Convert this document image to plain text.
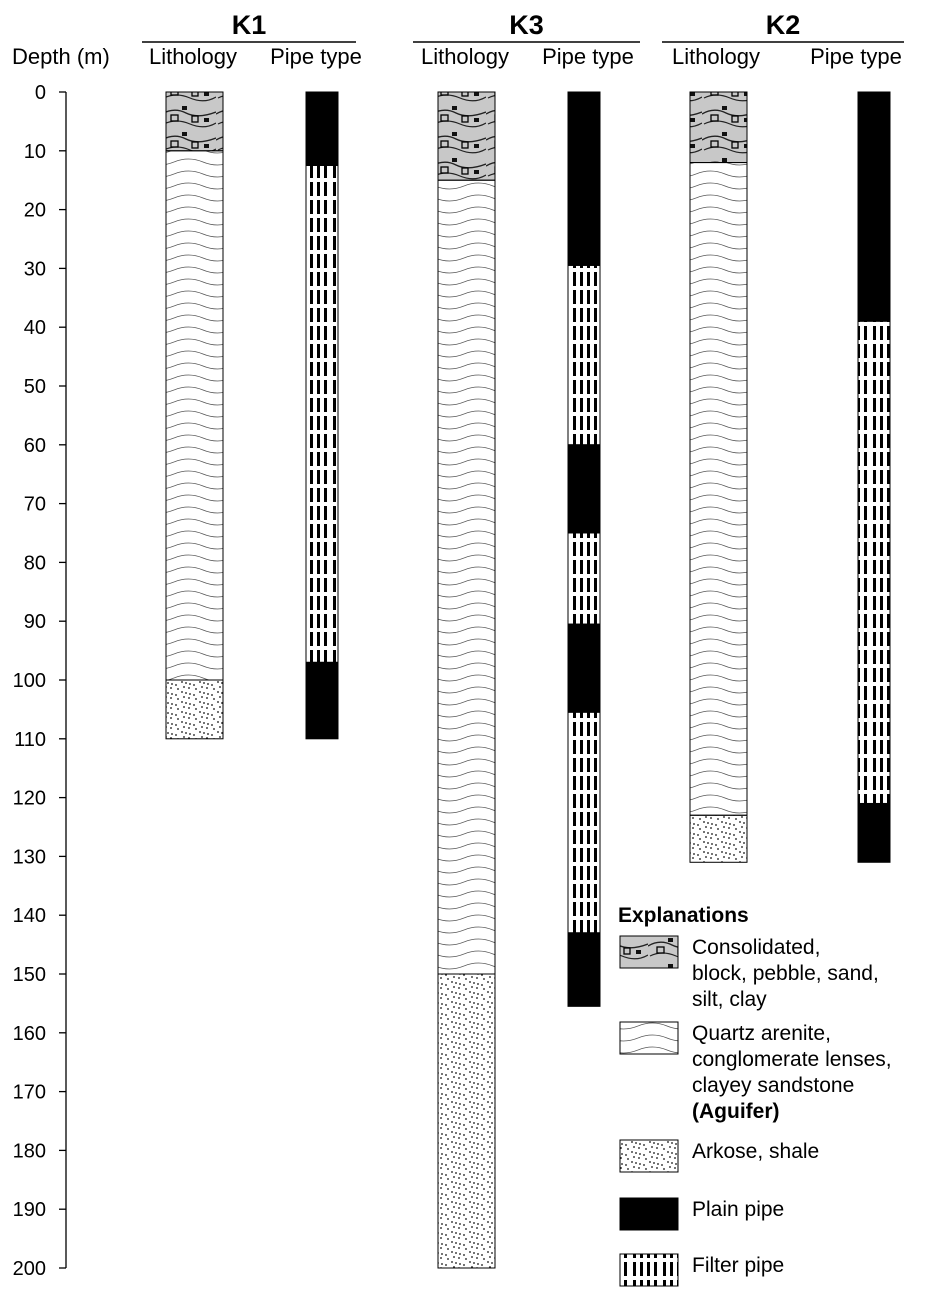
Depth (m)
0
10
20
30
40
50
60
70
80
90
100
110
120
130
140
150
160
170
180
190
200
K1
Lithology Pipe type
K3
Lithology Pipe type
K2
Lithology Pipe type
Explanations
Consolidated,
block, pebble, sand,
silt, clay
Quartz arenite,
conglomerate lenses,
clayey sandstone
(Aguifer)
Arkose, shale
Plain pipe
Filter pipe
